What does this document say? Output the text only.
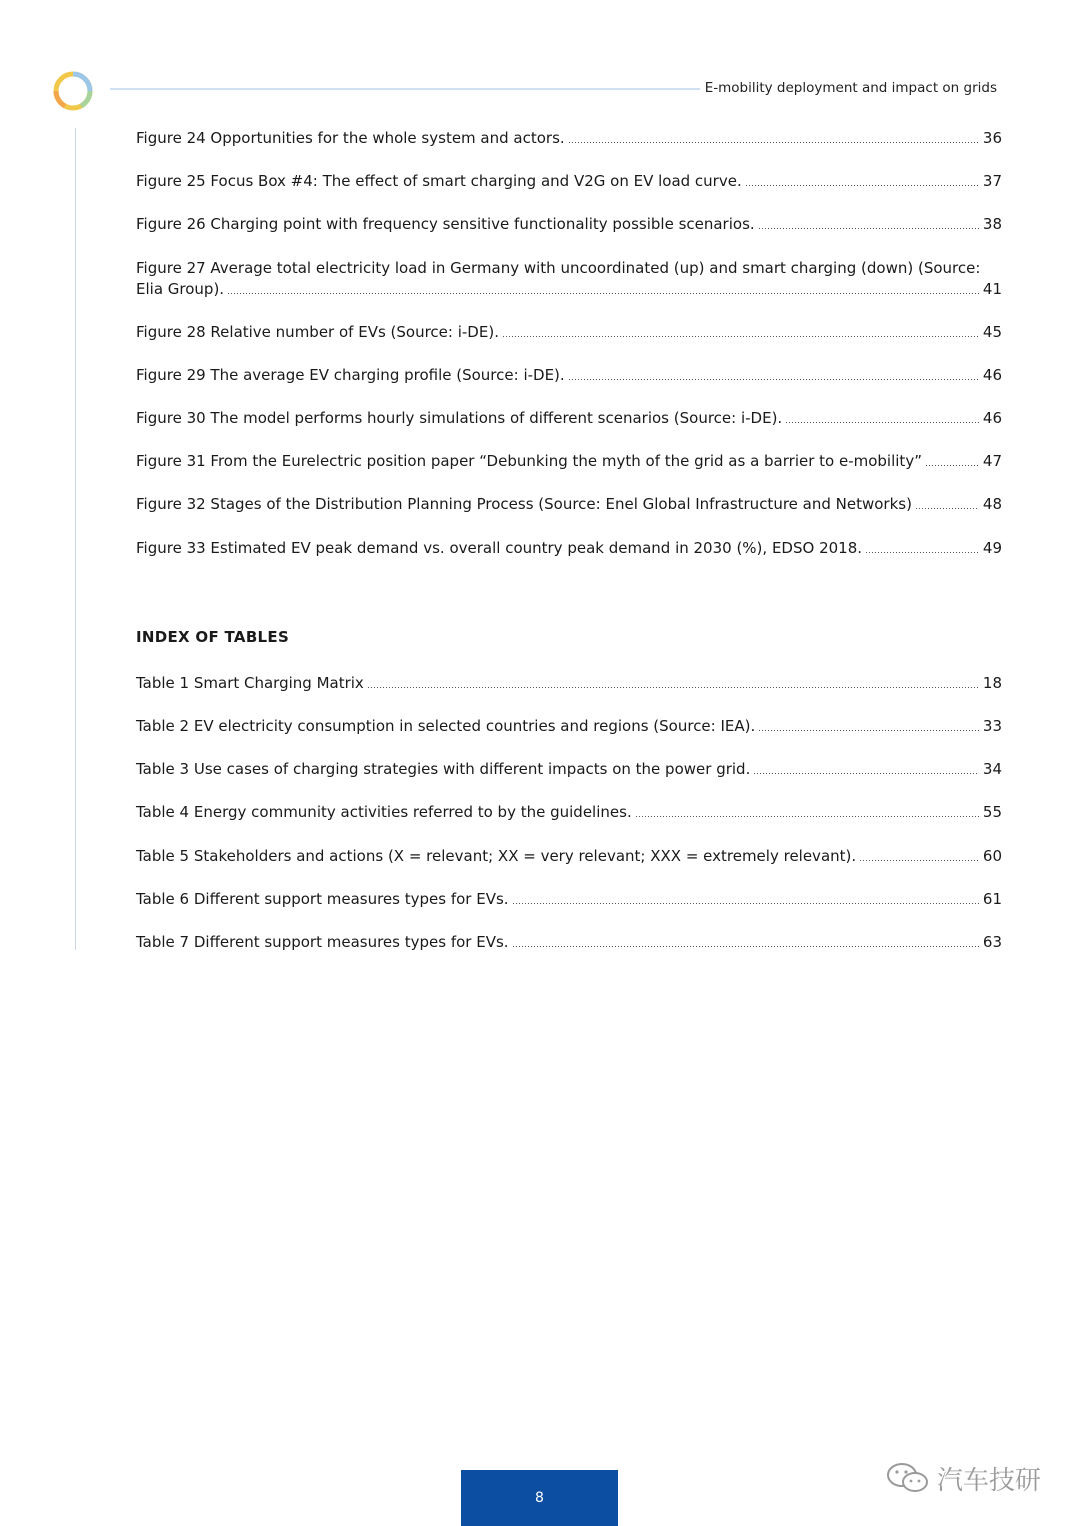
E-mobility deployment and impact on grids
Figure 24 Opportunities for the whole system and actors.	36
Figure 25 Focus Box #4: The effect of smart charging and V2G on EV load curve.	37
Figure 26 Charging point with frequency sensitive functionality possible scenarios.	38
Figure 27 Average total electricity load in Germany with uncoordinated (up) and smart charging (down) (Source:
Elia Group).	41
Figure 28 Relative number of EVs (Source: i-DE).	45
Figure 29 The average EV charging profile (Source: i-DE).	46
Figure 30 The model performs hourly simulations of different scenarios (Source: i-DE).	46
Figure 31 From the Eurelectric position paper “Debunking the myth of the grid as a barrier to e-mobility”	47
Figure 32 Stages of the Distribution Planning Process (Source: Enel Global Infrastructure and Networks)	48
Figure 33 Estimated EV peak demand vs. overall country peak demand in 2030 (%), EDSO 2018.	49
INDEX OF TABLES
Table 1 Smart Charging Matrix	18
Table 2 EV electricity consumption in selected countries and regions (Source: IEA).	33
Table 3 Use cases of charging strategies with different impacts on the power grid.	34
Table 4 Energy community activities referred to by the guidelines.	55
Table 5 Stakeholders and actions (X = relevant; XX = very relevant; XXX = extremely relevant).	60
Table 6 Different support measures types for EVs.	61
Table 7 Different support measures types for EVs.	63
8
汽车技研
